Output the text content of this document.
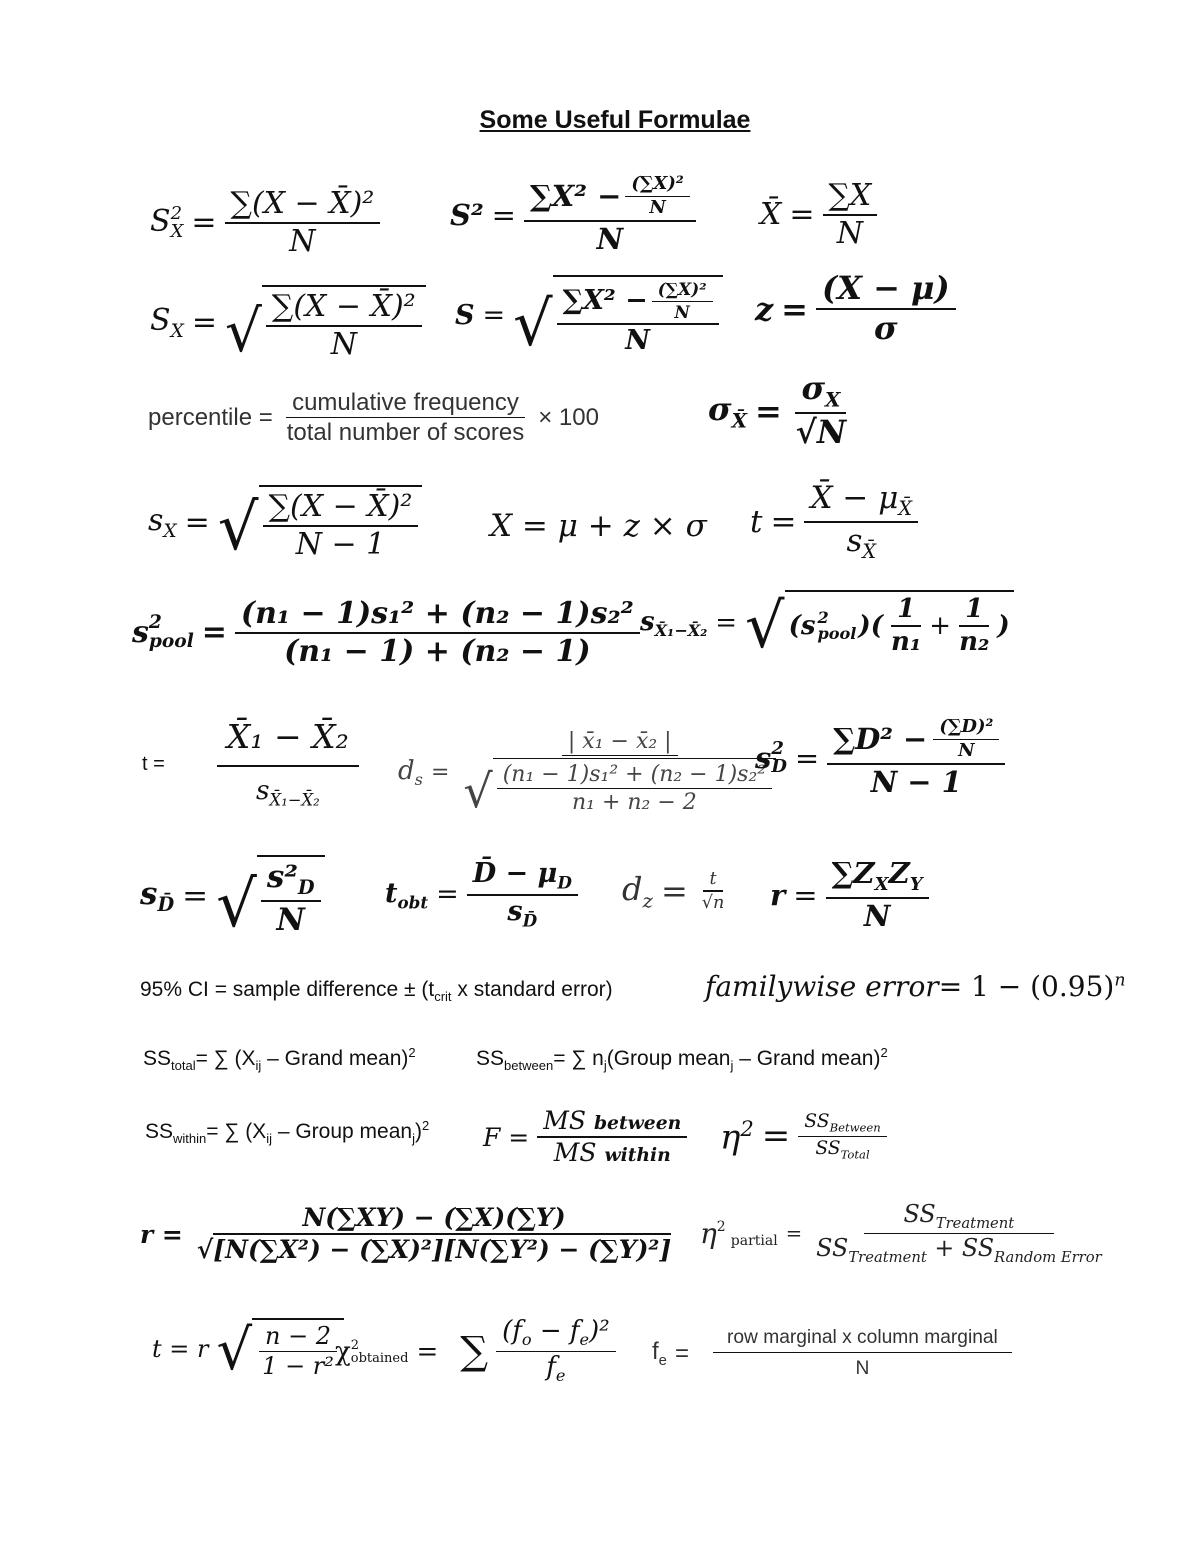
Some Useful Formulae
S 2
$X = \frac{\text{∑(X − X̄)²}}{N} S^2 = \frac{\sum X^2 - \frac{\text{(∑X)²}}{N}}{N}$ X̄ = $\frac{\sum X}{N}$
$S_X$ = √ $\frac{\text{∑(X − X̄)²}}{N}$ S = √ $\frac{\sum X^2 - \frac{\text{(∑X)²}}{N}}{N}$ $z = \frac{(X - \mu)}{\sigma}$
percentile = $\frac{\text{cumulative frequency}}{\text{total number of scores}} \times 100$	$\sigma_{X̄} = \frac{\sigma_X}{√N}$
$s_X$ = √ $\frac{\text{∑(X − X̄)²}}{N - 1}$ X = μ + z × σ $t = \frac{X̄ - \mu_{X̄}}{s_{X̄}}$
s 2
pool = $\frac{\text{(n₁ − 1)s₁² + (n₂ − 1)s₂²}}{\text{(n₁ − 1) + (n₂ − 1)}} s_{X̄_1-X̄_2}$ = √ (s 2
pool )( $\frac{1}{\text{n₁}} + \frac{1}{\text{n₂}}$ )
$t = \frac{\text{X̄₁ − X̄₂}}{s_{X̄_1-X̄_2}} d_s = \frac{\text{| x̄₁ − x̄₂ |}}{√ \frac{\text{(n₁ − 1)s₁² + (n₂ − 1)s₂²}}{\text{n₁ + n₂ − 2}}}$
s 2
$D = \frac{\sum D^2 - \frac{\text{(∑D)²}}{N}}{N - 1}$
$s_{D̄}$ = √ $\frac{s^2_D}{N} t_{obt} = \frac{D̄ - \mu_D}{s_{D̄}} d_z = \frac{t}{√n}$ $r = \frac{\sum Z_XZ_Y}{N}$
95% CI = sample difference ± ($t_{crit}$ x standard error)	familywise error= $1 - (0.95)^n$
$SS_{total}=$ ∑ ($X_{ij}$ – Grand mean)$^2$	$SS_{between}=$ ∑ $n_j(Group$ mean$_j$ – Grand mean)$^2$
$SS_{within}=$ ∑ ($X_{ij}$ – Group mean$_j$)$^2$ $F = \frac{\text{MS between}}{\text{MS within}} \eta^2 = \frac{SS_{Between}}{SS_{Total}}$
$r = \frac{N(\sum XY) - (\sum X)(\sum Y)}{\text{√[N(∑X²) − (∑X)²][N(∑Y²) − (∑Y)²]}}$ η 2
partial = $\frac{SS_{Treatment}}{SS_{Treatment} + SS_{Random Error}}$
t = r √ $\frac{n - 2}{\text{1 − r²}}$
χ 2
obtained = ∑ $\frac{(f_o - f_e)^2}{f_e} f_e = \frac{\text{row marginal x column marginal}}{N}$
